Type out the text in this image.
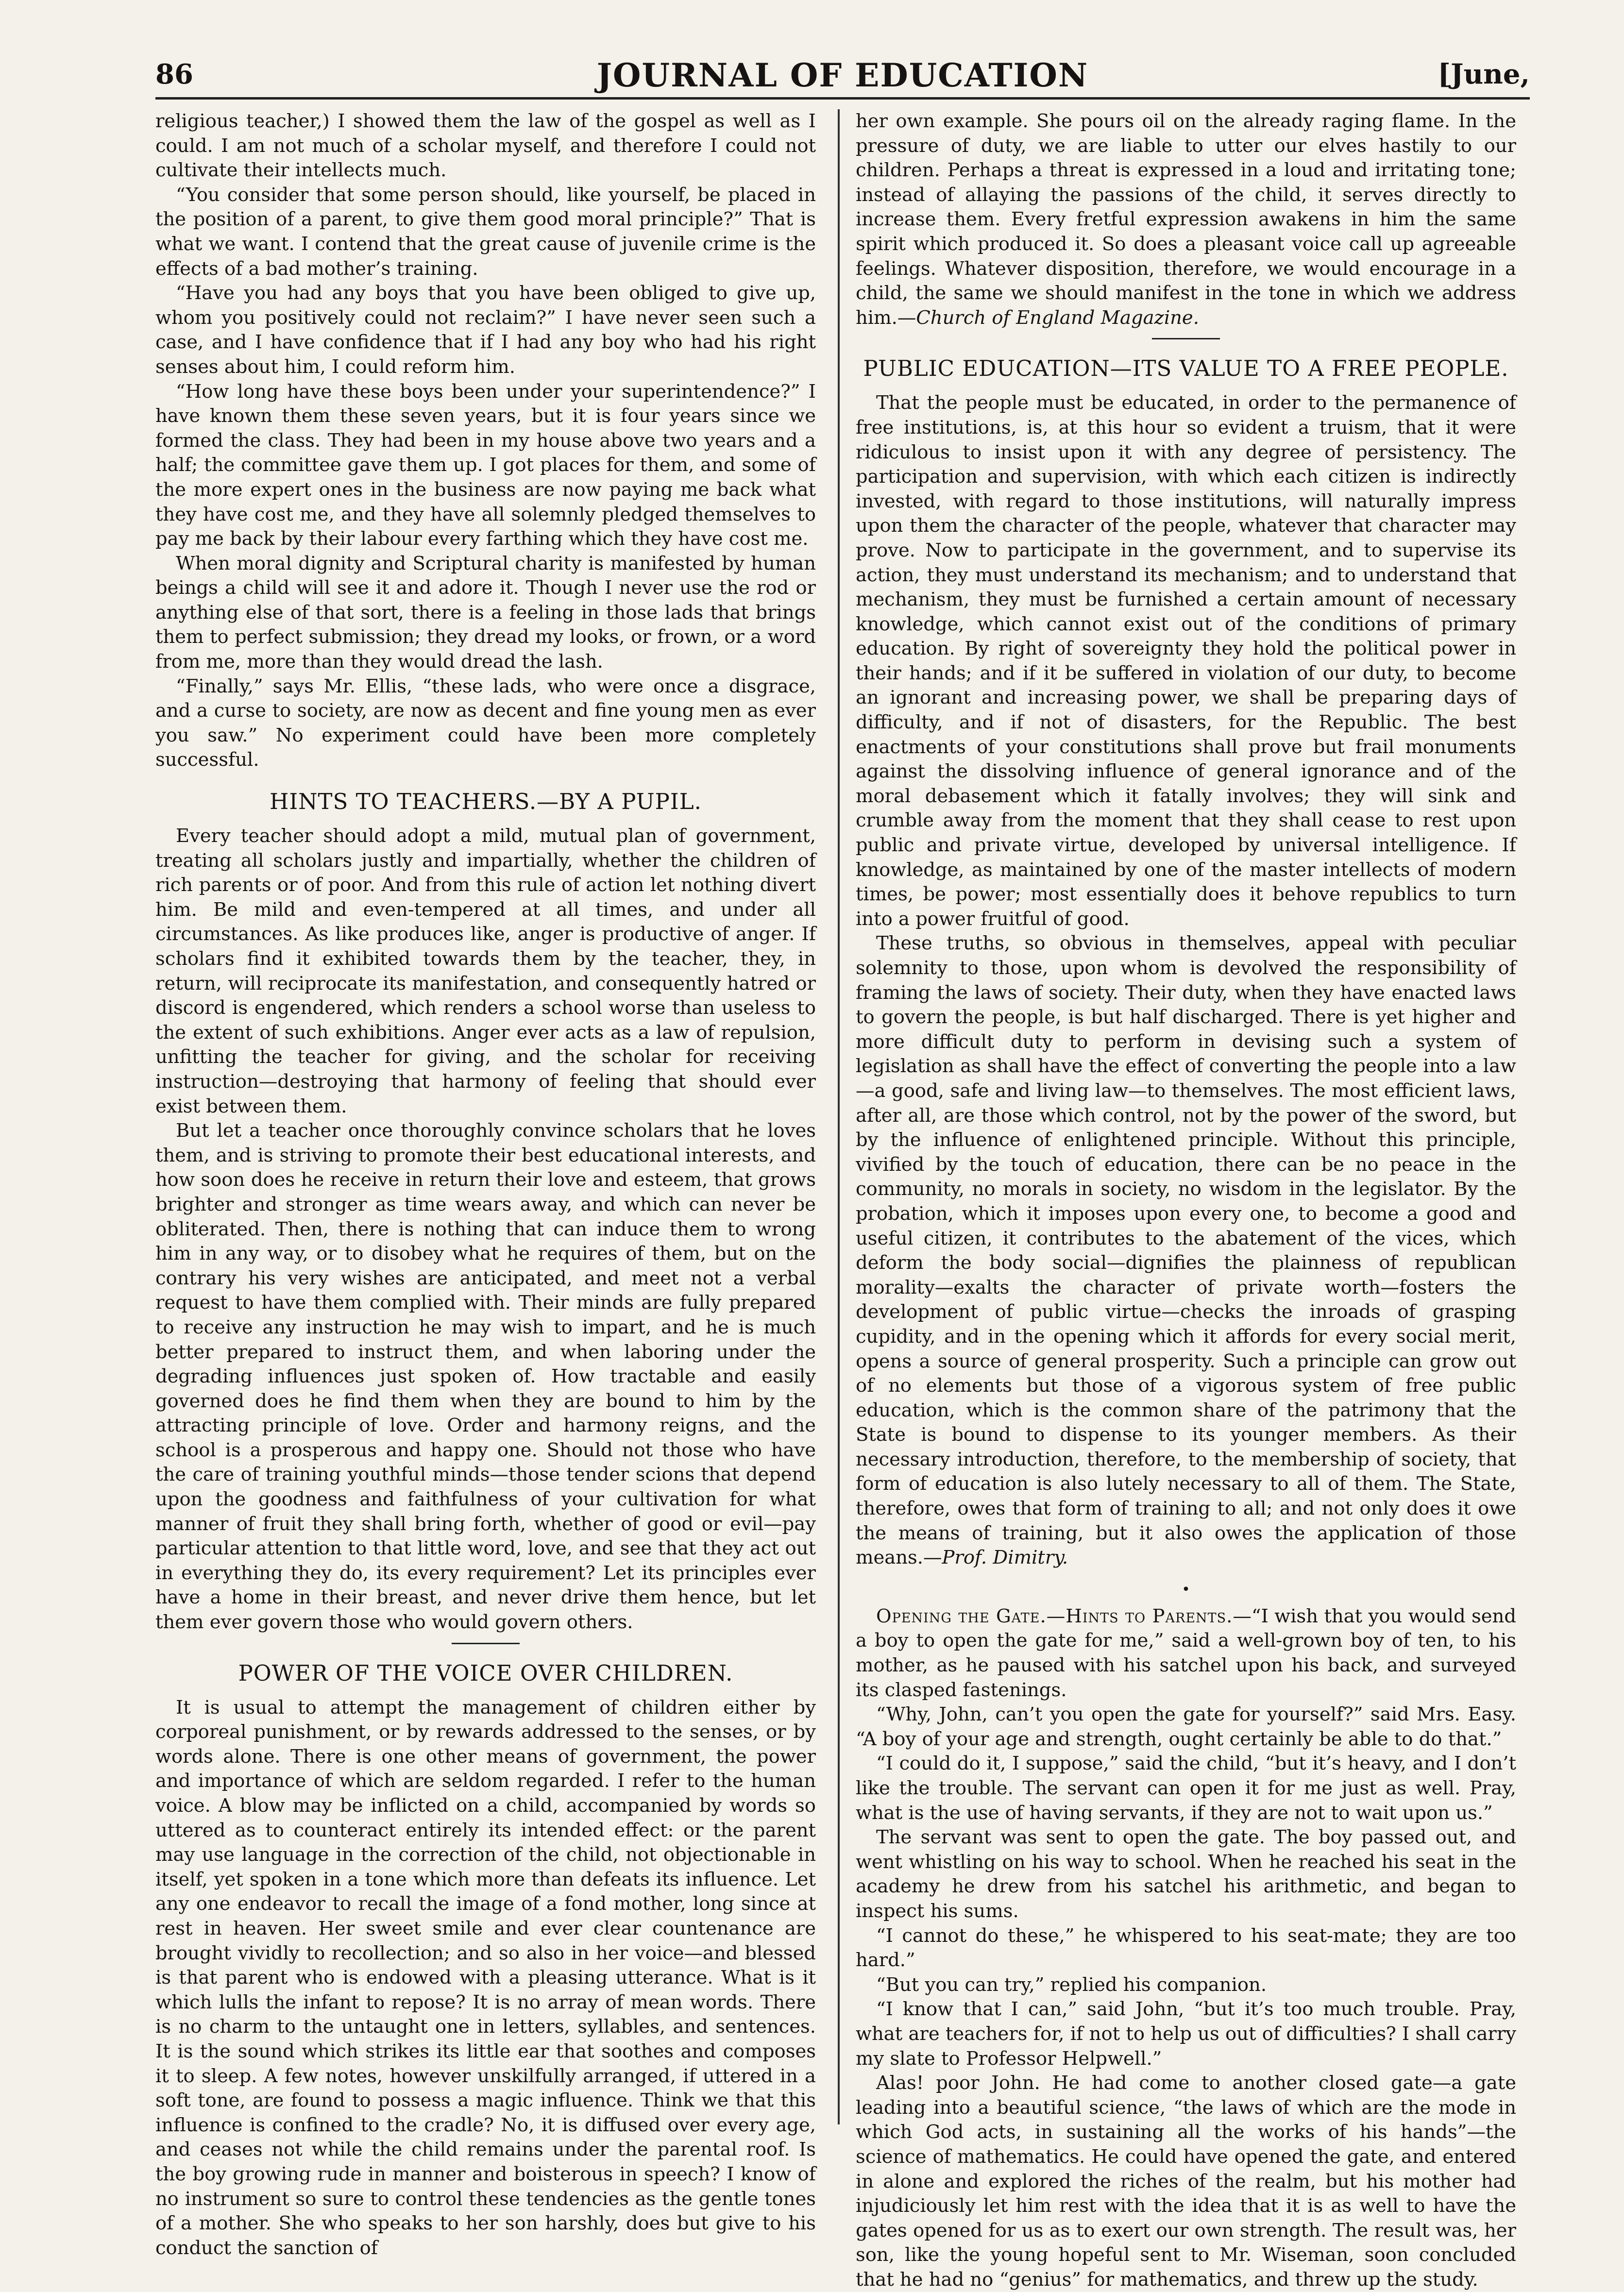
86	JOURNAL OF EDUCATION	[June,

religious teacher,) I showed them the law of the gospel as well as I could. I am not much of a scholar myself, and therefore I could not cultivate their intellects much.

“You consider that some person should, like yourself, be placed in the position of a parent, to give them good moral principle?” That is what we want. I contend that the great cause of juvenile crime is the effects of a bad mother’s training.

“Have you had any boys that you have been obliged to give up, whom you positively could not reclaim?” I have never seen such a case, and I have confidence that if I had any boy who had his right senses about him, I could reform him.

“How long have these boys been under your superintendence?” I have known them these seven years, but it is four years since we formed the class. They had been in my house above two years and a half; the committee gave them up. I got places for them, and some of the more expert ones in the business are now paying me back what they have cost me, and they have all solemnly pledged themselves to pay me back by their labour every farthing which they have cost me.

When moral dignity and Scriptural charity is manifested by human beings a child will see it and adore it. Though I never use the rod or anything else of that sort, there is a feeling in those lads that brings them to perfect submission; they dread my looks, or frown, or a word from me, more than they would dread the lash.

“Finally,” says Mr. Ellis, “these lads, who were once a disgrace, and a curse to society, are now as decent and fine young men as ever you saw.” No experiment could have been more completely successful.

HINTS TO TEACHERS.—BY A PUPIL.

Every teacher should adopt a mild, mutual plan of government, treating all scholars justly and impartially, whether the children of rich parents or of poor. And from this rule of action let nothing divert him. Be mild and even-tempered at all times, and under all circumstances. As like produces like, anger is productive of anger. If scholars find it exhibited towards them by the teacher, they, in return, will reciprocate its manifestation, and consequently hatred or discord is engendered, which renders a school worse than useless to the extent of such exhibitions. Anger ever acts as a law of repulsion, unfitting the teacher for giving, and the scholar for receiving instruction—destroying that harmony of feeling that should ever exist between them.

But let a teacher once thoroughly convince scholars that he loves them, and is striving to promote their best educational interests, and how soon does he receive in return their love and esteem, that grows brighter and stronger as time wears away, and which can never be obliterated. Then, there is nothing that can induce them to wrong him in any way, or to disobey what he requires of them, but on the contrary his very wishes are anticipated, and meet not a verbal request to have them complied with. Their minds are fully prepared to receive any instruction he may wish to impart, and he is much better prepared to instruct them, and when laboring under the degrading influences just spoken of. How tractable and easily governed does he find them when they are bound to him by the attracting principle of love. Order and harmony reigns, and the school is a prosperous and happy one. Should not those who have the care of training youthful minds—those tender scions that depend upon the goodness and faithfulness of your cultivation for what manner of fruit they shall bring forth, whether of good or evil—pay particular attention to that little word, love, and see that they act out in everything they do, its every requirement? Let its principles ever have a home in their breast, and never drive them hence, but let them ever govern those who would govern others.

POWER OF THE VOICE OVER CHILDREN.

It is usual to attempt the management of children either by corporeal punishment, or by rewards addressed to the senses, or by words alone. There is one other means of government, the power and importance of which are seldom regarded. I refer to the human voice. A blow may be inflicted on a child, accompanied by words so uttered as to counteract entirely its intended effect: or the parent may use language in the correction of the child, not objectionable in itself, yet spoken in a tone which more than defeats its influence. Let any one endeavor to recall the image of a fond mother, long since at rest in heaven. Her sweet smile and ever clear countenance are brought vividly to recollection; and so also in her voice—and blessed is that parent who is endowed with a pleasing utterance. What is it which lulls the infant to repose? It is no array of mean words. There is no charm to the untaught one in letters, syllables, and sentences. It is the sound which strikes its little ear that soothes and composes it to sleep. A few notes, however unskilfully arranged, if uttered in a soft tone, are found to possess a magic influence. Think we that this influence is confined to the cradle? No, it is diffused over every age, and ceases not while the child remains under the parental roof. Is the boy growing rude in manner and boisterous in speech? I know of no instrument so sure to control these tendencies as the gentle tones of a mother. She who speaks to her son harshly, does but give to his conduct the sanction of

her own example. She pours oil on the already raging flame. In the pressure of duty, we are liable to utter our elves hastily to our children. Perhaps a threat is expressed in a loud and irritating tone; instead of allaying the passions of the child, it serves directly to increase them. Every fretful expression awakens in him the same spirit which produced it. So does a pleasant voice call up agreeable feelings. Whatever disposition, therefore, we would encourage in a child, the same we should manifest in the tone in which we address him.—Church of England Magazine.

PUBLIC EDUCATION—ITS VALUE TO A FREE PEOPLE.

That the people must be educated, in order to the permanence of free institutions, is, at this hour so evident a truism, that it were ridiculous to insist upon it with any degree of persistency. The participation and supervision, with which each citizen is indirectly invested, with regard to those institutions, will naturally impress upon them the character of the people, whatever that character may prove. Now to participate in the government, and to supervise its action, they must understand its mechanism; and to understand that mechanism, they must be furnished a certain amount of necessary knowledge, which cannot exist out of the conditions of primary education. By right of sovereignty they hold the political power in their hands; and if it be suffered in violation of our duty, to become an ignorant and increasing power, we shall be preparing days of difficulty, and if not of disasters, for the Republic. The best enactments of your constitutions shall prove but frail monuments against the dissolving influence of general ignorance and of the moral debasement which it fatally involves; they will sink and crumble away from the moment that they shall cease to rest upon public and private virtue, developed by universal intelligence. If knowledge, as maintained by one of the master intellects of modern times, be power; most essentially does it behove republics to turn into a power fruitful of good.

These truths, so obvious in themselves, appeal with peculiar solemnity to those, upon whom is devolved the responsibility of framing the laws of society. Their duty, when they have enacted laws to govern the people, is but half discharged. There is yet higher and more difficult duty to perform in devising such a system of legislation as shall have the effect of converting the people into a law—a good, safe and living law—to themselves. The most efficient laws, after all, are those which control, not by the power of the sword, but by the influence of enlightened principle. Without this principle, vivified by the touch of education, there can be no peace in the community, no morals in society, no wisdom in the legislator. By the probation, which it imposes upon every one, to become a good and useful citizen, it contributes to the abatement of the vices, which deform the body social—dignifies the plainness of republican morality—exalts the character of private worth—fosters the development of public virtue—checks the inroads of grasping cupidity, and in the opening which it affords for every social merit, opens a source of general prosperity. Such a principle can grow out of no elements but those of a vigorous system of free public education, which is the common share of the patrimony that the State is bound to dispense to its younger members. As their necessary introduction, therefore, to the membership of society, that form of education is also lutely necessary to all of them. The State, therefore, owes that form of training to all; and not only does it owe the means of training, but it also owes the application of those means.—Prof. Dimitry.

•

Opening the Gate.—Hints to Parents.—“I wish that you would send a boy to open the gate for me,” said a well-grown boy of ten, to his mother, as he paused with his satchel upon his back, and surveyed its clasped fastenings.

“Why, John, can’t you open the gate for yourself?” said Mrs. Easy. “A boy of your age and strength, ought certainly be able to do that.”

“I could do it, I suppose,” said the child, “but it’s heavy, and I don’t like the trouble. The servant can open it for me just as well. Pray, what is the use of having servants, if they are not to wait upon us.”

The servant was sent to open the gate. The boy passed out, and went whistling on his way to school. When he reached his seat in the academy he drew from his satchel his arithmetic, and began to inspect his sums.

“I cannot do these,” he whispered to his seat-mate; they are too hard.”

“But you can try,” replied his companion.

“I know that I can,” said John, “but it’s too much trouble. Pray, what are teachers for, if not to help us out of difficulties? I shall carry my slate to Professor Helpwell.”

Alas! poor John. He had come to another closed gate—a gate leading into a beautiful science, “the laws of which are the mode in which God acts, in sustaining all the works of his hands”—the science of mathematics. He could have opened the gate, and entered in alone and explored the riches of the realm, but his mother had injudiciously let him rest with the idea that it is as well to have the gates opened for us as to exert our own strength. The result was, her son, like the young hopeful sent to Mr. Wiseman, soon concluded that he had no “genius” for mathematics, and threw up the study.
